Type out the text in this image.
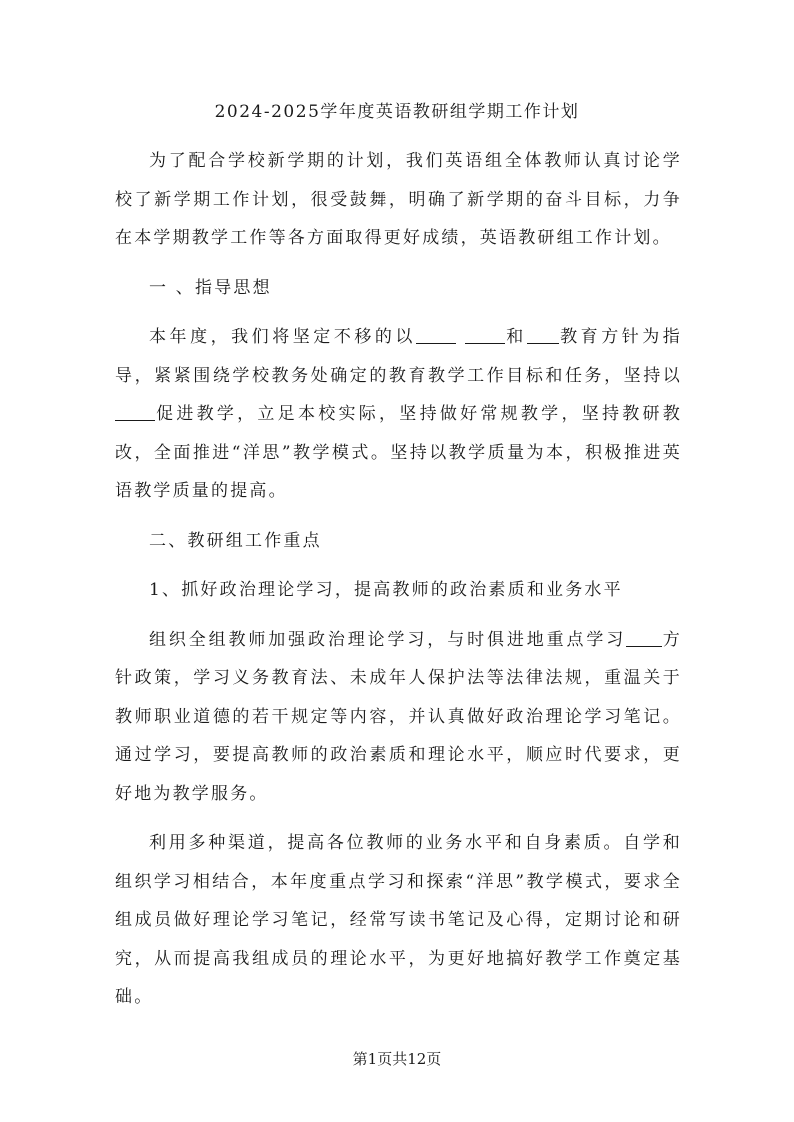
2024-2025学年度英语教研组学期工作计划

为了配合学校新学期的计划，我们英语组全体教师认真讨论学校了新学期工作计划，很受鼓舞，明确了新学期的奋斗目标，力争在本学期教学工作等各方面取得更好成绩，英语教研组工作计划。

一 、指导思想

本年度，我们将坚定不移的以	和 教育方针为指导，紧紧围绕学校教务处确定的教育教学工作目标和任务，坚持以促进教学，立足本校实际，坚持做好常规教学，坚持教研教改，全面推进“洋思”教学模式。坚持以教学质量为本，积极推进英语教学质量的提高。

二、教研组工作重点

1、抓好政治理论学习，提高教师的政治素质和业务水平

组织全组教师加强政治理论学习，与时俱进地重点学习 方针政策，学习义务教育法、未成年人保护法等法律法规，重温关于教师职业道德的若干规定等内容，并认真做好政治理论学习笔记。通过学习，要提高教师的政治素质和理论水平，顺应时代要求，更好地为教学服务。

利用多种渠道，提高各位教师的业务水平和自身素质。自学和组织学习相结合，本年度重点学习和探索“洋思”教学模式，要求全组成员做好理论学习笔记，经常写读书笔记及心得，定期讨论和研究，从而提高我组成员的理论水平，为更好地搞好教学工作奠定基础。

第1页共12页
